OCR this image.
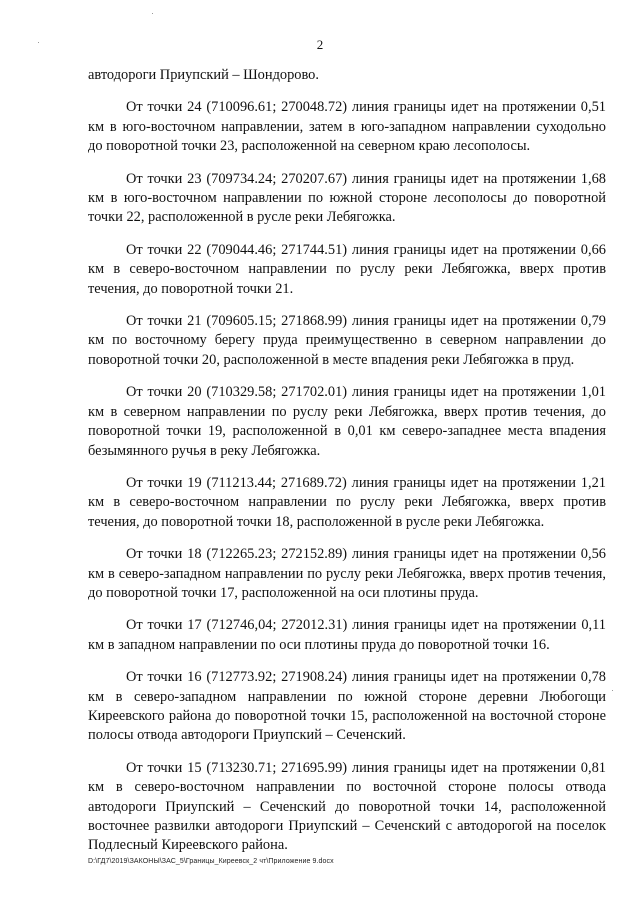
2

автодороги Приупский – Шондорово.

От точки 24 (710096.61; 270048.72) линия границы идет на протяжении 0,51 км в юго-восточном направлении, затем в юго-западном направлении суходольно до поворотной точки 23, расположенной на северном краю лесополосы.

От точки 23 (709734.24; 270207.67) линия границы идет на протяжении 1,68 км в юго-восточном направлении по южной стороне лесополосы до поворотной точки 22, расположенной в русле реки Лебягожка.

От точки 22 (709044.46; 271744.51) линия границы идет на протяжении 0,66 км в северо-восточном направлении по руслу реки Лебягожка, вверх против течения, до поворотной точки 21.

От точки 21 (709605.15; 271868.99) линия границы идет на протяжении 0,79 км по восточному берегу пруда преимущественно в северном направлении до поворотной точки 20, расположенной в месте впадения реки Лебягожка в пруд.

От точки 20 (710329.58; 271702.01) линия границы идет на протяжении 1,01 км в северном направлении по руслу реки Лебягожка, вверх против течения, до поворотной точки 19, расположенной в 0,01 км северо-западнее места впадения безымянного ручья в реку Лебягожка.

От точки 19 (711213.44; 271689.72) линия границы идет на протяжении 1,21 км в северо-восточном направлении по руслу реки Лебягожка, вверх против течения, до поворотной точки 18, расположенной в русле реки Лебягожка.

От точки 18 (712265.23; 272152.89) линия границы идет на протяжении 0,56 км в северо-западном направлении по руслу реки Лебягожка, вверх против течения, до поворотной точки 17, расположенной на оси плотины пруда.

От точки 17 (712746,04; 272012.31) линия границы идет на протяжении 0,11 км в западном направлении по оси плотины пруда до поворотной точки 16.

От точки 16 (712773.92; 271908.24) линия границы идет на протяжении 0,78 км в северо-западном направлении по южной стороне деревни Любогощи Киреевского района до поворотной точки 15, расположенной на восточной стороне полосы отвода автодороги Приупский – Сеченский.

От точки 15 (713230.71; 271695.99) линия границы идет на протяжении 0,81 км в северо-восточном направлении по восточной стороне полосы отвода автодороги Приупский – Сеченский до поворотной точки 14, расположенной восточнее развилки автодороги Приупский – Сеченский с автодорогой на поселок Подлесный Киреевского района.

D:\ГД7\2019\ЗАКОНЫ\ЗАС_5\Границы_Киреевск_2 чт\Приложение 9.docx
